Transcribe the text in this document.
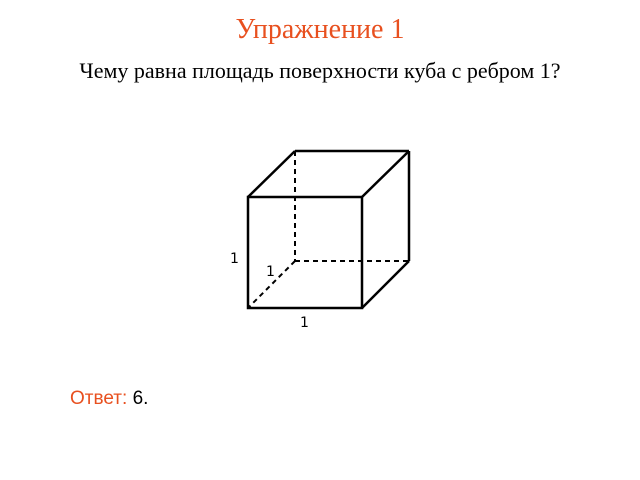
Упражнение 1
Чему равна площадь поверхности куба с ребром 1?
1
1
1
Ответ: 6.
